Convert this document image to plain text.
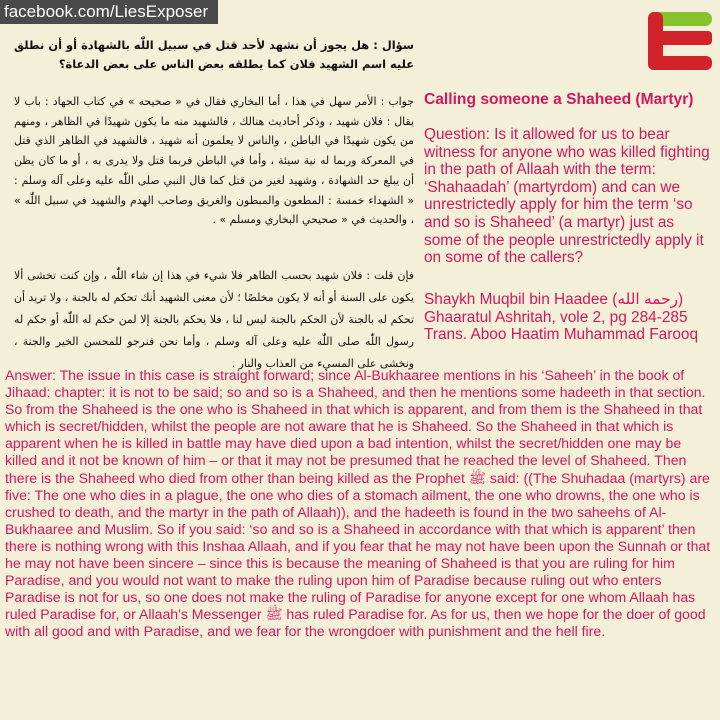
facebook.com/LiesExposer

سؤال : هل يجوز أن نشهد لأحد قتل في سبيل اللّٰه بالشهادة أو أن نطلق عليه اسم الشهيد فلان كما يطلقه بعض الناس على بعض الدعاة؟

جواب : الأمر سهل في هذا ، أما البخاري فقال في « صحيحه » في كتاب الجهاد : باب لا يقال : فلان شهيد ، وذكر أحاديث هنالك ، فالشهيد منه ما يكون شهيدًا في الظاهر ، ومنهم من يكون شهيدًا في الباطن ، والناس لا يعلمون أنه شهيد ، فالشهيد في الظاهر الذي قتل في المعركة وربما له نية سيئة ، وأما في الباطن فربما قتل ولا يدرى به ، أو ما كان يظن أن يبلغ حد الشهادة ، وشهيد لغير من قتل كما قال النبي صلى اللّٰه عليه وعلى آله وسلم : « الشهداء خمسة : المطعون والمبطون والغريق وصاحب الهدم والشهيد في سبيل اللّٰه » ، والحديث في « صحيحي البخاري ومسلم » .

فإن قلت : فلان شهيد بحسب الظاهر فلا شيء في هذا إن شاء اللّٰه ، وإن كنت تخشى ألا يكون على السنة أو أنه لا يكون مخلصًا ؛ لأن معنى الشهيد أنك تحكم له بالجنة ، ولا تريد أن تحكم له بالجنة لأن الحكم بالجنة ليس لنا ، فلا يحكم بالجنة إلا لمن حكم له اللّٰه أو حكم له رسول اللّٰه صلى اللّٰه عليه وعلى آله وسلم ، وأما نحن فنرجو للمحسن الخير والجنة ، ونخشى على المسيء من العذاب والنار .

Calling someone a Shaheed (Martyr)
Question: Is it allowed for us to bear witness for anyone who was killed fighting in the path of Allaah with the term: ‘Shahaadah’ (martyrdom) and can we unrestrictedly apply for him the term ‘so and so is Shaheed’ (a martyr) just as some of the people unrestrictedly apply it on some of the callers?
Shaykh Muqbil bin Haadee (رحمه الله) Ghaaratul Ashritah, vole 2, pg 284-285
Trans. Aboo Haatim Muhammad Farooq

Answer: The issue in this case is straight forward; since Al-Bukhaaree mentions in his ‘Saheeh’ in the book of Jihaad: chapter: it is not to be said; so and so is a Shaheed, and then he mentions some hadeeth in that section. So from the Shaheed is the one who is Shaheed in that which is apparent, and from them is the Shaheed in that which is secret/hidden, whilst the people are not aware that he is Shaheed. So the Shaheed in that which is apparent when he is killed in battle may have died upon a bad intention, whilst the secret/hidden one may be killed and it not be known of him – or that it may not be presumed that he reached the level of Shaheed. Then there is the Shaheed who died from other than being killed as the Prophet ﷺ said: ((The Shuhadaa (martyrs) are five: The one who dies in a plague, the one who dies of a stomach ailment, the one who drowns, the one who is crushed to death, and the martyr in the path of Allaah)), and the hadeeth is found in the two saheehs of Al-Bukhaaree and Muslim. So if you said: ‘so and so is a Shaheed in accordance with that which is apparent’ then there is nothing wrong with this Inshaa Allaah, and if you fear that he may not have been upon the Sunnah or that he may not have been sincere – since this is because the meaning of Shaheed is that you are ruling for him Paradise, and you would not want to make the ruling upon him of Paradise because ruling out who enters Paradise is not for us, so one does not make the ruling of Paradise for anyone except for one whom Allaah has ruled Paradise for, or Allaah's Messenger ﷺ has ruled Paradise for. As for us, then we hope for the doer of good with all good and with Paradise, and we fear for the wrongdoer with punishment and the hell fire.
